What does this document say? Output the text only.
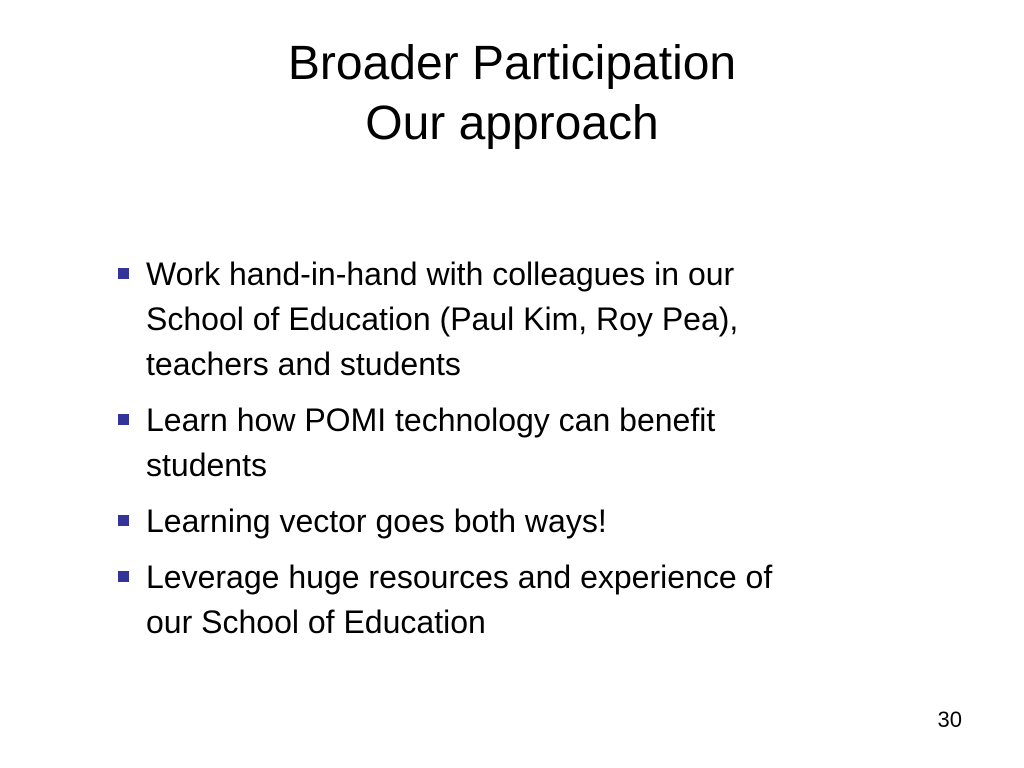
Broader Participation
Our approach
Work hand-in-hand with colleagues in our
School of Education (Paul Kim, Roy Pea),
teachers and students
Learn how POMI technology can benefit
students
Learning vector goes both ways!
Leverage huge resources and experience of
our School of Education
30
